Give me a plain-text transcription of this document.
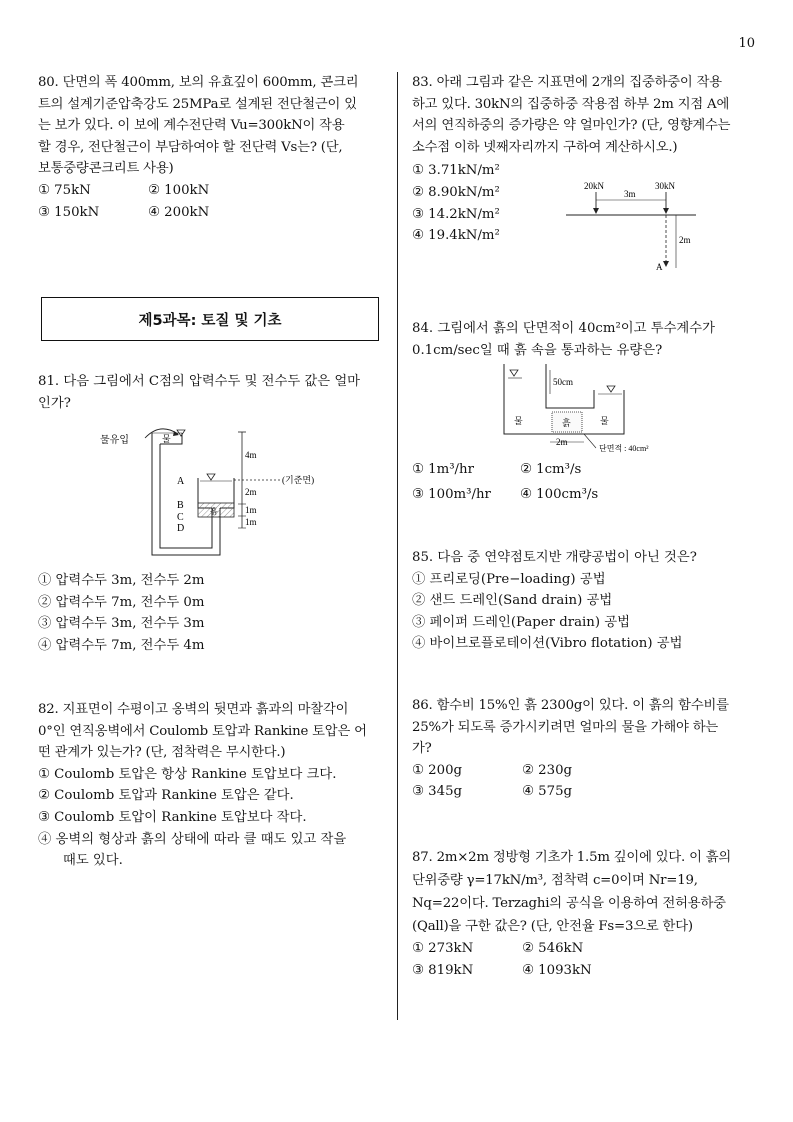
10

80. 단면의 폭 400mm, 보의 유효깊이 600mm, 콘크리

트의 설계기준압축강도 25MPa로 설계된 전단철근이 있

는 보가 있다. 이 보에 계수전단력 Vu=300kN이 작용

할 경우, 전단철근이 부담하여야 할 전단력 Vs는? (단,

보통중량콘크리트 사용)

① 75kN	② 100kN
③ 150kN	④ 200kN
제5과목: 토질 및 기초

81. 다음 그림에서 C점의 압력수두 및 전수두 값은 얼마

인가?

물유입	물
흙
A
B
C
D
4m
(기준면)
2m
1m
1m
① 압력수두 3m, 전수두 2m
② 압력수두 7m, 전수두 0m
③ 압력수두 3m, 전수두 3m
④ 압력수두 7m, 전수두 4m

82. 지표면이 수평이고 옹벽의 뒷면과 흙과의 마찰각이

0°인 연직옹벽에서 Coulomb 토압과 Rankine 토압은 어

떤 관계가 있는가? (단, 점착력은 무시한다.)

① Coulomb 토압은 항상 Rankine 토압보다 크다.
② Coulomb 토압과 Rankine 토압은 같다.
③ Coulomb 토압이 Rankine 토압보다 작다.
④ 옹벽의 형상과 흙의 상태에 따라 클 때도 있고 작을
때도 있다.

83. 아래 그림과 같은 지표면에 2개의 집중하중이 작용

하고 있다. 30kN의 집중하중 작용점 하부 2m 지점 A에

서의 연직하중의 증가량은 약 얼마인가? (단, 영향계수는

소수점 이하 넷째자리까지 구하여 계산하시오.)

① 3.71kN/m²
② 8.90kN/m²
③ 14.2kN/m²
④ 19.4kN/m²
20kN	30kN
3m
2m
A

84. 그림에서 흙의 단면적이 40cm²이고 투수계수가

0.1cm/sec일 때 흙 속을 통과하는 유량은?

50cm
물	흙	물
2m
단면적 : 40cm²
① 1m³/hr	② 1cm³/s
③ 100m³/hr	④ 100cm³/s

85. 다음 중 연약점토지반 개량공법이 아닌 것은?

① 프리로딩(Pre−loading) 공법
② 샌드 드레인(Sand drain) 공법
③ 페이퍼 드레인(Paper drain) 공법
④ 바이브로플로테이션(Vibro flotation) 공법

86. 함수비 15%인 흙 2300g이 있다. 이 흙의 함수비를

25%가 되도록 증가시키려면 얼마의 물을 가해야 하는

가?

① 200g	② 230g
③ 345g	④ 575g

87. 2m×2m 정방형 기초가 1.5m 깊이에 있다. 이 흙의

단위중량 γ=17kN/m³, 점착력 c=0이며 Nr=19,

Nq=22이다. Terzaghi의 공식을 이용하여 전허용하중

(Qall)을 구한 값은? (단, 안전율 Fs=3으로 한다)

① 273kN	② 546kN
③ 819kN	④ 1093kN
